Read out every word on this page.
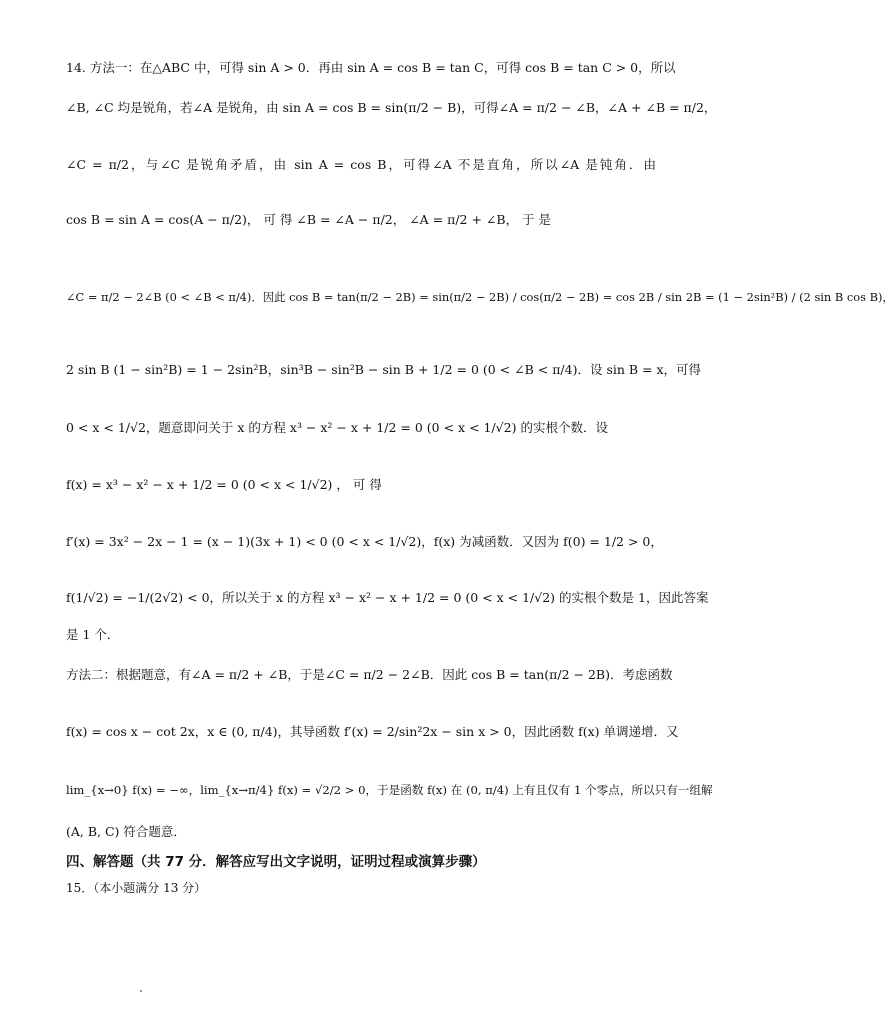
14. 方法一：在△ABC 中，可得 sin A > 0．再由 sin A = cos B = tan C，可得 cos B = tan C > 0，所以
∠B, ∠C 均是锐角，若∠A 是锐角，由 sin A = cos B = sin(π/2 − B)，可得∠A = π/2 − ∠B，∠A + ∠B = π/2，
∠C = π/2，与∠C 是锐角矛盾，由 sin A = cos B，可得∠A 不是直角，所以∠A 是钝角．由
cos B = sin A = cos(A − π/2)， 可 得 ∠B = ∠A − π/2， ∠A = π/2 + ∠B， 于 是
∠C = π/2 − 2∠B (0 < ∠B < π/4)．因此 cos B = tan(π/2 − 2B) = sin(π/2 − 2B) / cos(π/2 − 2B) = cos 2B / sin 2B = (1 − 2sin²B) / (2 sin B cos B)，
2 sin B (1 − sin²B) = 1 − 2sin²B，sin³B − sin²B − sin B + 1/2 = 0 (0 < ∠B < π/4)．设 sin B = x，可得
0 < x < 1/√2，题意即问关于 x 的方程 x³ − x² − x + 1/2 = 0 (0 < x < 1/√2) 的实根个数．设
f(x) = x³ − x² − x + 1/2 = 0 (0 < x < 1/√2) ， 可 得
f′(x) = 3x² − 2x − 1 = (x − 1)(3x + 1) < 0 (0 < x < 1/√2)，f(x) 为减函数．又因为 f(0) = 1/2 > 0，
f(1/√2) = −1/(2√2) < 0，所以关于 x 的方程 x³ − x² − x + 1/2 = 0 (0 < x < 1/√2) 的实根个数是 1，因此答案
是 1 个．
方法二：根据题意，有∠A = π/2 + ∠B，于是∠C = π/2 − 2∠B．因此 cos B = tan(π/2 − 2B)．考虑函数
f(x) = cos x − cot 2x，x ∈ (0, π/4)，其导函数 f′(x) = 2/sin²2x − sin x > 0，因此函数 f(x) 单调递增．又
lim_{x→0} f(x) = −∞，lim_{x→π/4} f(x) = √2/2 > 0，于是函数 f(x) 在 (0, π/4) 上有且仅有 1 个零点，所以只有一组解
(A, B, C) 符合题意．
四、解答题（共 77 分．解答应写出文字说明，证明过程或演算步骤）
15．（本小题满分 13 分）
